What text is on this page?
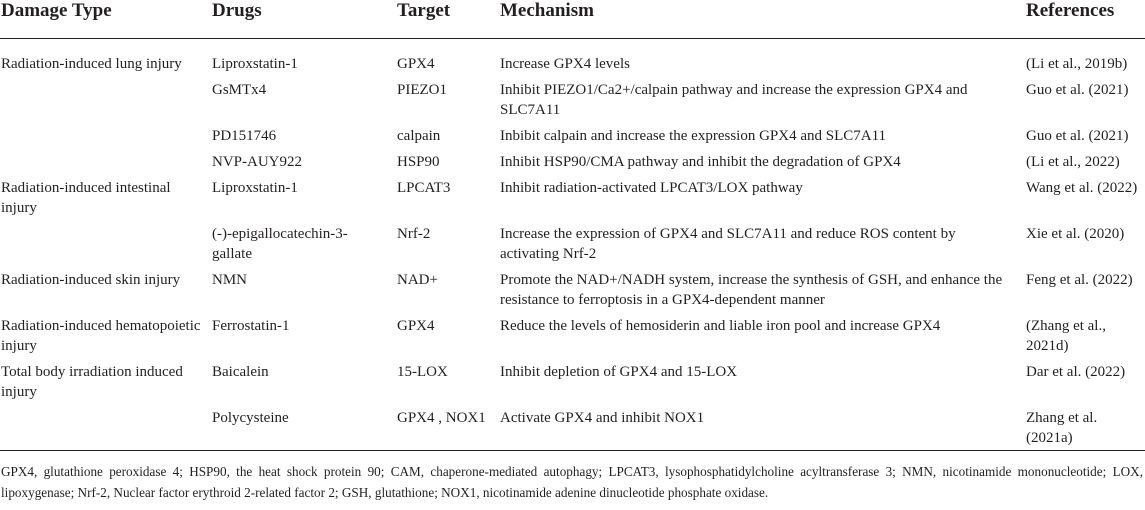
Damage Type	Drugs	Target	Mechanism	References
Radiation-induced lung injury	Liproxstatin-1	GPX4	Increase GPX4 levels	(Li et al., 2019b)
	GsMTx4	PIEZO1	Inhibit PIEZO1/Ca2+/calpain pathway and increase the expression GPX4 and SLC7A11	Guo et al. (2021)
	PD151746	calpain	Inbibit calpain and increase the expression GPX4 and SLC7A11	Guo et al. (2021)
	NVP-AUY922	HSP90	Inhibit HSP90/CMA pathway and inhibit the degradation of GPX4	(Li et al., 2022)
Radiation-induced intestinal injury	Liproxstatin-1	LPCAT3	Inhibit radiation-activated LPCAT3/LOX pathway	Wang et al. (2022)
	(-)-epigallocatechin-3-gallate	Nrf-2	Increase the expression of GPX4 and SLC7A11 and reduce ROS content by activating Nrf-2	Xie et al. (2020)
Radiation-induced skin injury	NMN	NAD+	Promote the NAD+/NADH system, increase the synthesis of GSH, and enhance the resistance to ferroptosis in a GPX4-dependent manner	Feng et al. (2022)
Radiation-induced hematopoietic injury	Ferrostatin-1	GPX4	Reduce the levels of hemosiderin and liable iron pool and increase GPX4	(Zhang et al., 2021d)
Total body irradiation induced injury	Baicalein	15-LOX	Inhibit depletion of GPX4 and 15-LOX	Dar et al. (2022)
	Polycysteine	GPX4 , NOX1	Activate GPX4 and inhibit NOX1	Zhang et al. (2021a)

GPX4, glutathione peroxidase 4; HSP90, the heat shock protein 90; CAM, chaperone-mediated autophagy; LPCAT3, lysophosphatidylcholine acyltransferase 3; NMN, nicotinamide mononucleotide; LOX, lipoxygenase; Nrf-2, Nuclear factor erythroid 2-related factor 2; GSH, glutathione; NOX1, nicotinamide adenine dinucleotide phosphate oxidase.
